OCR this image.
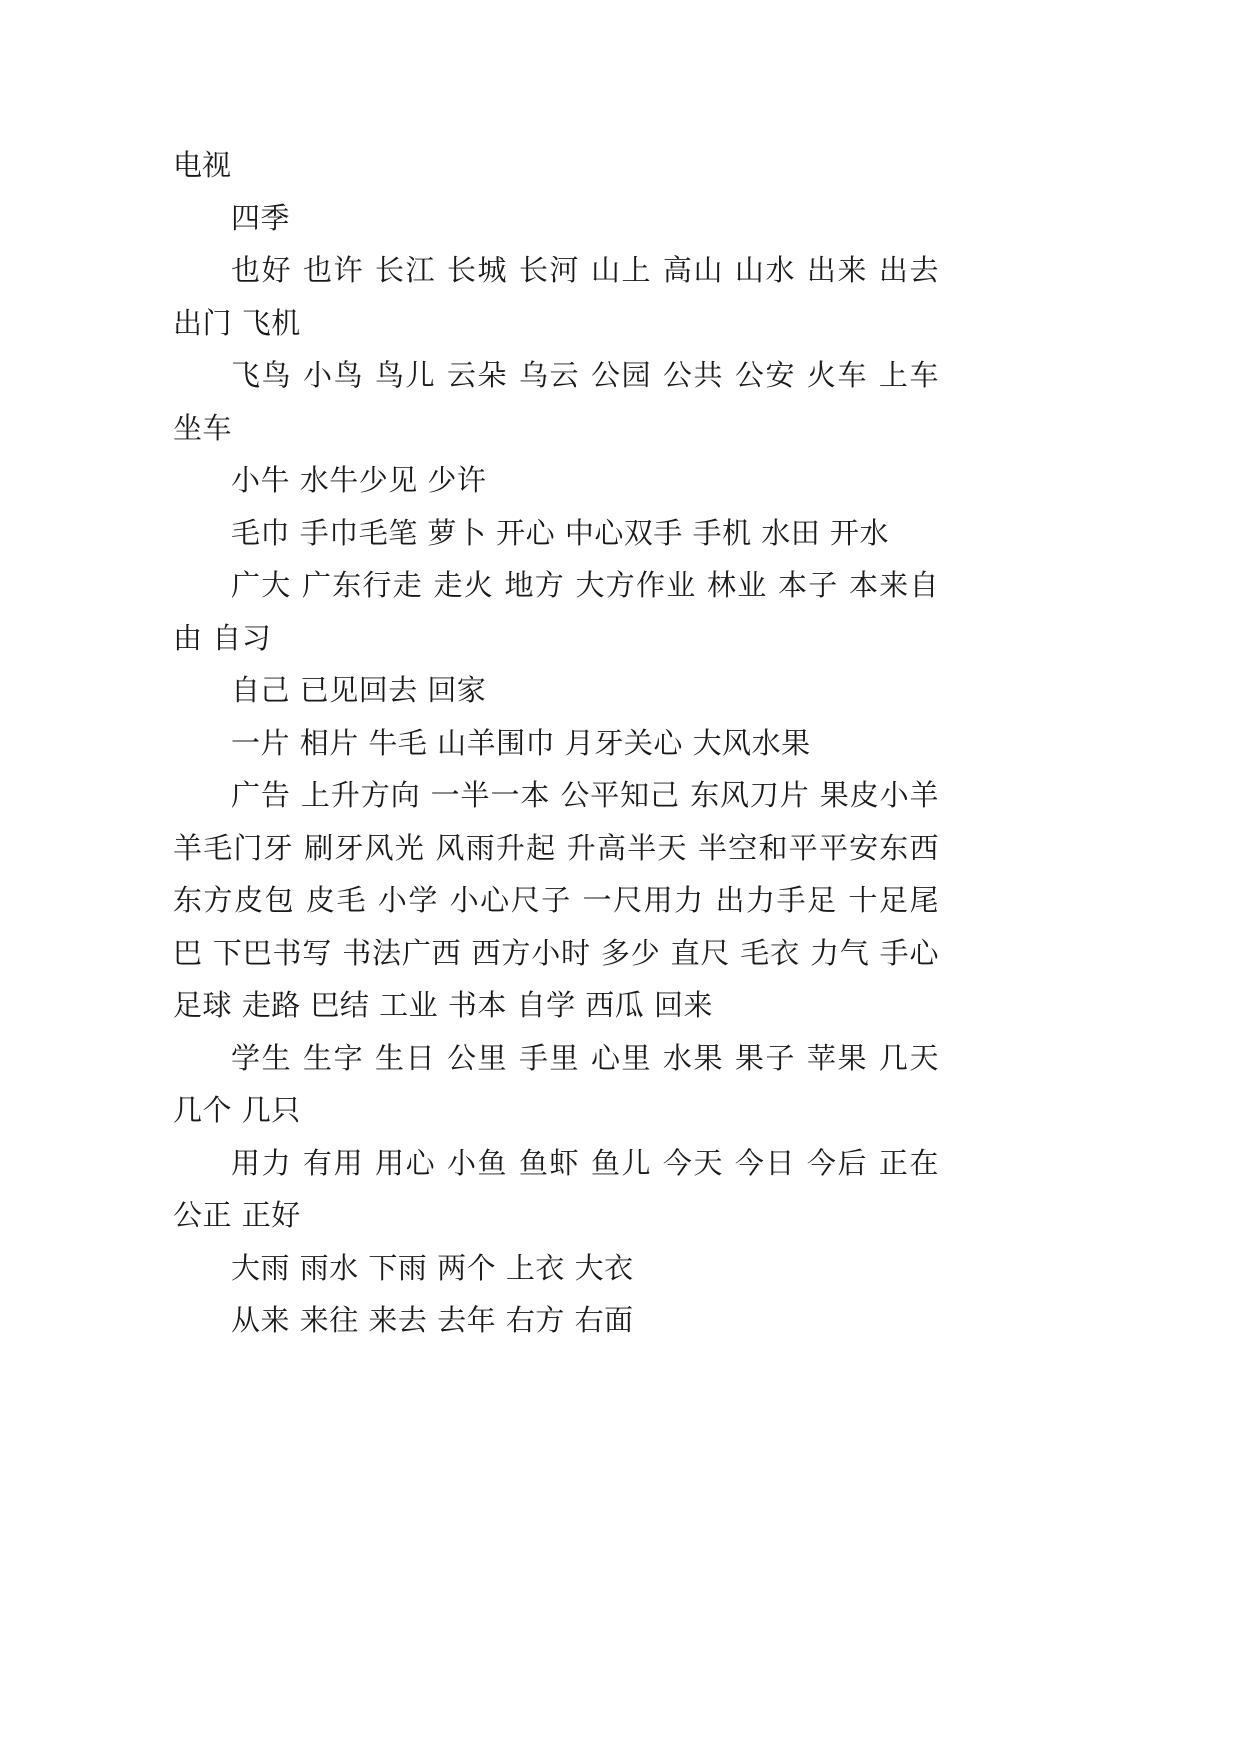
电视

四季

也好 也许 长江 长城 长河 山上 高山 山水 出来 出去 出门 飞机

飞鸟 小鸟 鸟儿 云朵 乌云 公园 公共 公安 火车 上车 坐车

小牛 水牛少见 少许

毛巾 手巾毛笔 萝卜 开心 中心双手 手机 水田 开水

广大 广东行走 走火 地方 大方作业 林业 本子 本来自由 自习

自己 已见回去 回家

一片 相片 牛毛 山羊围巾 月牙关心 大风水果

广告 上升方向 一半一本 公平知己 东风刀片 果皮小羊 羊毛门牙 刷牙风光 风雨升起 升高半天 半空和平平安东西 东方皮包 皮毛 小学 小心尺子 一尺用力 出力手足 十足尾巴 下巴书写 书法广西 西方小时 多少 直尺 毛衣 力气 手心 足球 走路 巴结 工业 书本 自学 西瓜 回来

学生 生字 生日 公里 手里 心里 水果 果子 苹果 几天 几个 几只

用力 有用 用心 小鱼 鱼虾 鱼儿 今天 今日 今后 正在 公正 正好

大雨 雨水 下雨 两个 上衣 大衣

从来 来往 来去 去年 右方 右面
